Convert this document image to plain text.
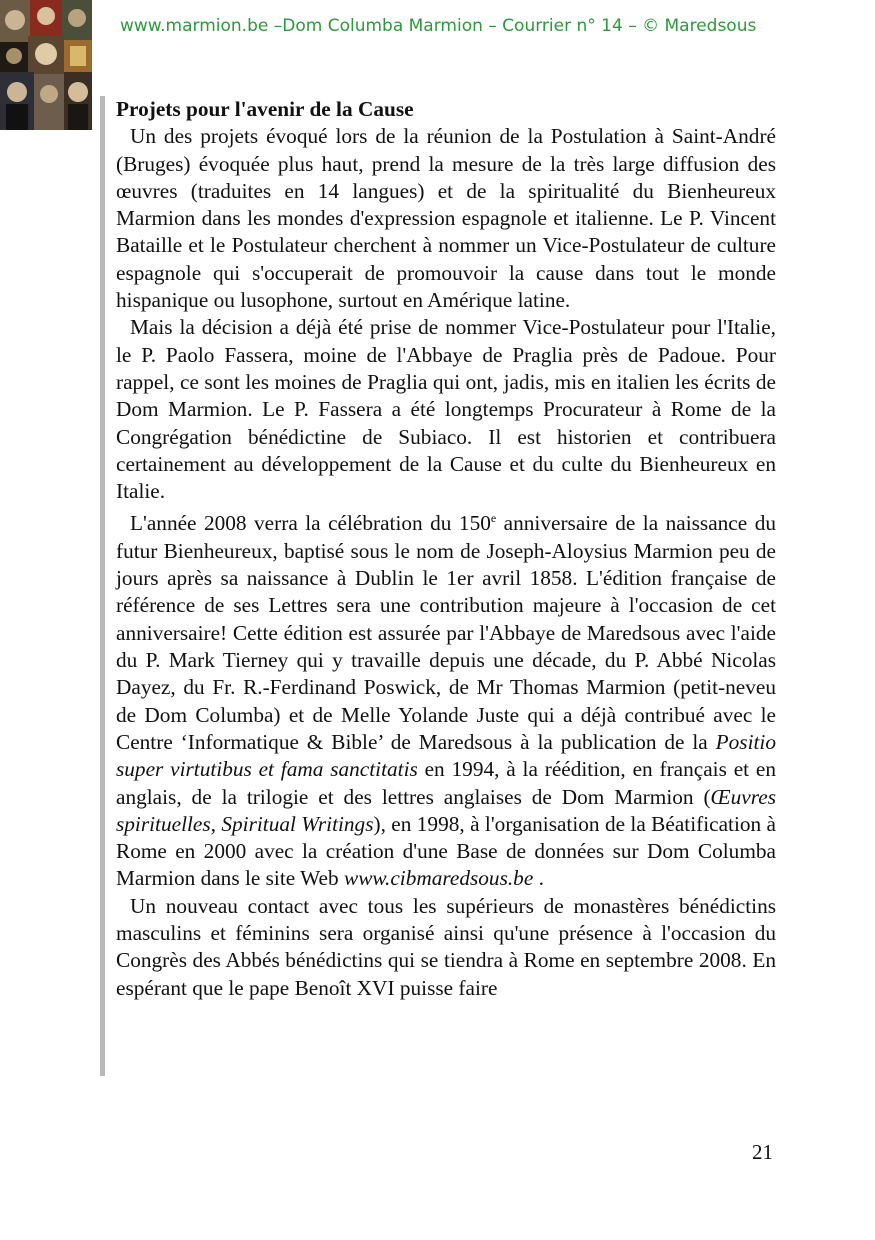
www.marmion.be –Dom Columba Marmion – Courrier n° 14 – © Maredsous

Projets pour l'avenir de la Cause

Un des projets évoqué lors de la réunion de la Postulation à Saint-André (Bruges) évoquée plus haut, prend la mesure de la très large diffusion des œuvres (traduites en 14 langues) et de la spiritualité du Bienheureux Marmion dans les mondes d'expression espagnole et italienne. Le P. Vincent Bataille et le Postulateur cherchent à nommer un Vice-Postulateur de culture espagnole qui s'occuperait de promouvoir la cause dans tout le monde hispanique ou lusophone, surtout en Amérique latine.

Mais la décision a déjà été prise de nommer Vice-Postulateur pour l'Italie, le P. Paolo Fassera, moine de l'Abbaye de Praglia près de Padoue. Pour rappel, ce sont les moines de Praglia qui ont, jadis, mis en italien les écrits de Dom Marmion. Le P. Fassera a été longtemps Procurateur à Rome de la Congrégation bénédictine de Subiaco. Il est historien et contribuera certainement au développement de la Cause et du culte du Bienheureux en Italie.

L'année 2008 verra la célébration du 150e anniversaire de la naissance du futur Bienheureux, baptisé sous le nom de Joseph-Aloysius Marmion peu de jours après sa naissance à Dublin le 1er avril 1858. L'édition française de référence de ses Lettres sera une contribution majeure à l'occasion de cet anniversaire! Cette édition est assurée par l'Abbaye de Maredsous avec l'aide du P. Mark Tierney qui y travaille depuis une décade, du P. Abbé Nicolas Dayez, du Fr. R.-Ferdinand Poswick, de Mr Thomas Marmion (petit-neveu de Dom Columba) et de Melle Yolande Juste qui a déjà contribué avec le Centre ‘Informatique & Bible’ de Maredsous à la publication de la Positio super virtutibus et fama sanctitatis en 1994, à la réédition, en français et en anglais, de la trilogie et des lettres anglaises de Dom Marmion (Œuvres spirituelles, Spiritual Writings), en 1998, à l'organisation de la Béatification à Rome en 2000 avec la création d'une Base de données sur Dom Columba Marmion dans le site Web www.cibmaredsous.be .

Un nouveau contact avec tous les supérieurs de monastères bénédictins masculins et féminins sera organisé ainsi qu'une présence à l'occasion du Congrès des Abbés bénédictins qui se tiendra à Rome en septembre 2008. En espérant que le pape Benoît XVI puisse faire

21
